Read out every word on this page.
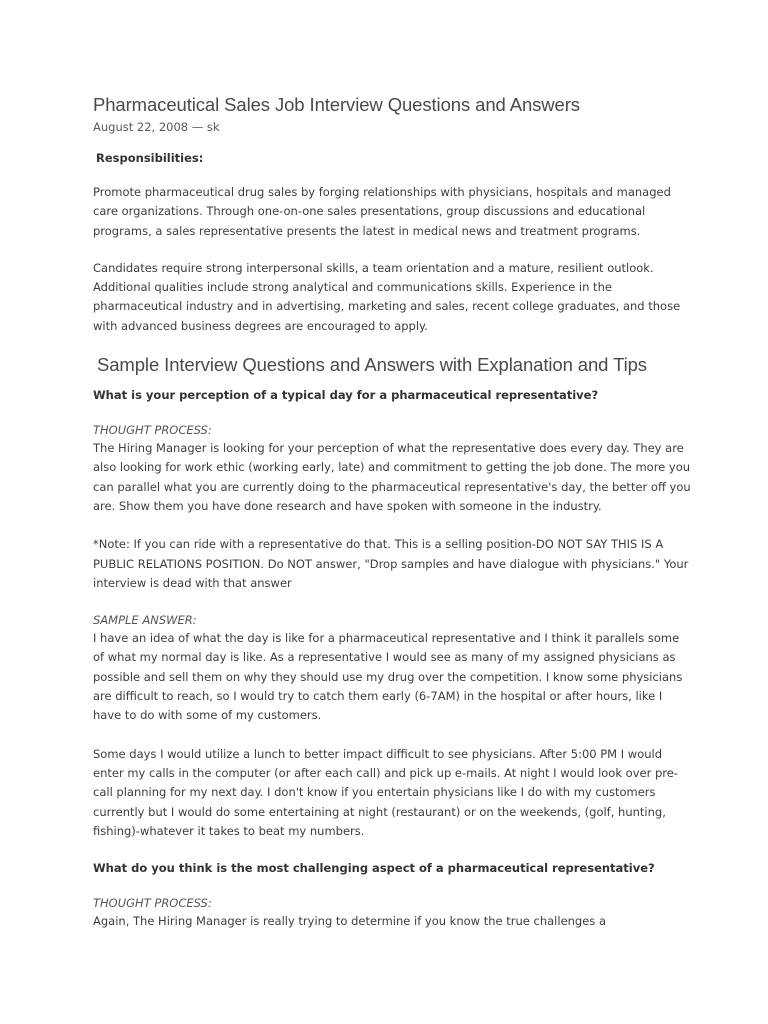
Pharmaceutical Sales Job Interview Questions and Answers
August 22, 2008 — sk
Responsibilities:

Promote pharmaceutical drug sales by forging relationships with physicians, hospitals and managed care organizations. Through one-on-one sales presentations, group discussions and educational programs, a sales representative presents the latest in medical news and treatment programs.

Candidates require strong interpersonal skills, a team orientation and a mature, resilient outlook. Additional qualities include strong analytical and communications skills. Experience in the pharmaceutical industry and in advertising, marketing and sales, recent college graduates, and those with advanced business degrees are encouraged to apply.

Sample Interview Questions and Answers with Explanation and Tips
What is your perception of a typical day for a pharmaceutical representative?
THOUGHT PROCESS:

The Hiring Manager is looking for your perception of what the representative does every day. They are also looking for work ethic (working early, late) and commitment to getting the job done. The more you can parallel what you are currently doing to the pharmaceutical representative's day, the better off you are. Show them you have done research and have spoken with someone in the industry.

*Note: If you can ride with a representative do that. This is a selling position-DO NOT SAY THIS IS A PUBLIC RELATIONS POSITION. Do NOT answer, "Drop samples and have dialogue with physicians." Your interview is dead with that answer

SAMPLE ANSWER:

I have an idea of what the day is like for a pharmaceutical representative and I think it parallels some of what my normal day is like. As a representative I would see as many of my assigned physicians as possible and sell them on why they should use my drug over the competition. I know some physicians are difficult to reach, so I would try to catch them early (6-7AM) in the hospital or after hours, like I have to do with some of my customers.

Some days I would utilize a lunch to better impact difficult to see physicians. After 5:00 PM I would enter my calls in the computer (or after each call) and pick up e-mails. At night I would look over pre-call planning for my next day. I don't know if you entertain physicians like I do with my customers currently but I would do some entertaining at night (restaurant) or on the weekends, (golf, hunting, fishing)-whatever it takes to beat my numbers.

What do you think is the most challenging aspect of a pharmaceutical representative?
THOUGHT PROCESS:

Again, The Hiring Manager is really trying to determine if you know the true challenges a
